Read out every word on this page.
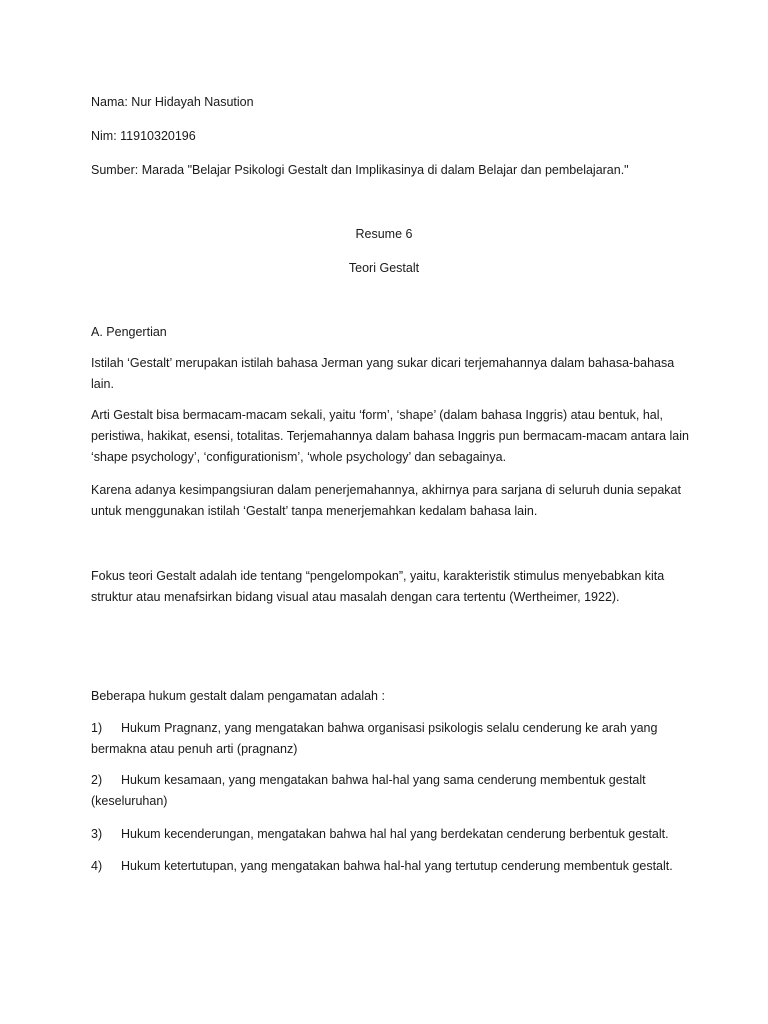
Nama: Nur Hidayah Nasution
Nim: 11910320196
Sumber: Marada "Belajar Psikologi Gestalt dan Implikasinya di dalam Belajar dan pembelajaran."
Resume 6
Teori Gestalt
A. Pengertian

Istilah ‘Gestalt’ merupakan istilah bahasa Jerman yang sukar dicari terjemahannya dalam bahasa-bahasa lain.

Arti Gestalt bisa bermacam-macam sekali, yaitu ‘form’, ‘shape’ (dalam bahasa Inggris) atau bentuk, hal, peristiwa, hakikat, esensi, totalitas. Terjemahannya dalam bahasa Inggris pun bermacam-macam antara lain ‘shape psychology’, ‘configurationism’, ‘whole psychology’ dan sebagainya.

Karena adanya kesimpangsiuran dalam penerjemahannya, akhirnya para sarjana di seluruh dunia sepakat untuk menggunakan istilah ‘Gestalt’ tanpa menerjemahkan kedalam bahasa lain.

Fokus teori Gestalt adalah ide tentang “pengelompokan”, yaitu, karakteristik stimulus menyebabkan kita struktur atau menafsirkan bidang visual atau masalah dengan cara tertentu (Wertheimer, 1922).

Beberapa hukum gestalt dalam pengamatan adalah :
1) Hukum Pragnanz, yang mengatakan bahwa organisasi psikologis selalu cenderung ke arah yang bermakna atau penuh arti (pragnanz)
2) Hukum kesamaan, yang mengatakan bahwa hal-hal yang sama cenderung membentuk gestalt (keseluruhan)
3) Hukum kecenderungan, mengatakan bahwa hal hal yang berdekatan cenderung berbentuk gestalt.
4) Hukum ketertutupan, yang mengatakan bahwa hal-hal yang tertutup cenderung membentuk gestalt.
